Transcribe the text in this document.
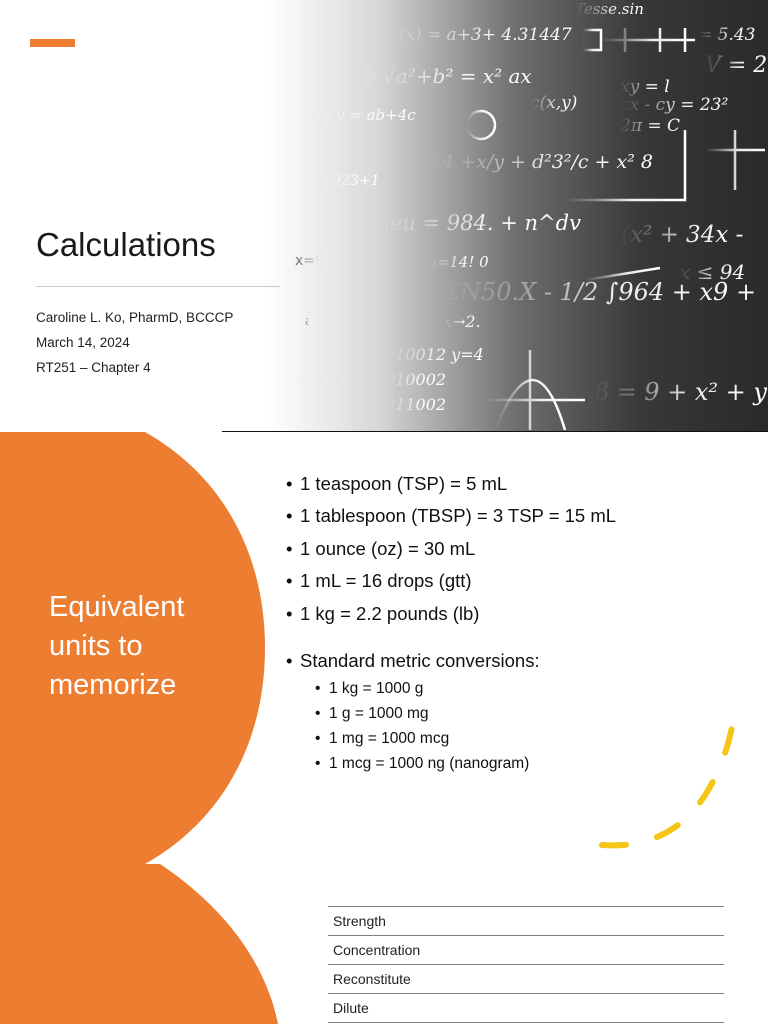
D(x) = a+3+ 4.31447
Tesse.sin
⊘ √a²+b² = x² ax
c(x,y)
xy = l
cx - cy = 23²
2π = C
V = 2
= 5.43
24 +x/y + d²3²/c + x² 8
meu = 984. + n^dv (x² + 34x -
u=14! 0
ΣN50.X - 1/2 ∫964 + x9 +
x ≤ 94
x→2.
010012 y=4
010002
011002	β = 9 + x² + y
x+y = ab+4c
x 923+1
x=920
a
Calculations
Caroline L. Ko, PharmD, BCCCP
March 14, 2024
RT251 – Chapter 4
Equivalent
units to
memorize
• 1 teaspoon (TSP) = 5 mL
• 1 tablespoon (TBSP) = 3 TSP = 15 mL
• 1 ounce (oz) = 30 mL
• 1 mL = 16 drops (gtt)
• 1 kg = 2.2 pounds (lb)
• Standard metric conversions:
• 1 kg = 1000 g
• 1 g = 1000 mg
• 1 mg = 1000 mcg
• 1 mcg = 1000 ng (nanogram)
Strength
Concentration
Reconstitute
Dilute
